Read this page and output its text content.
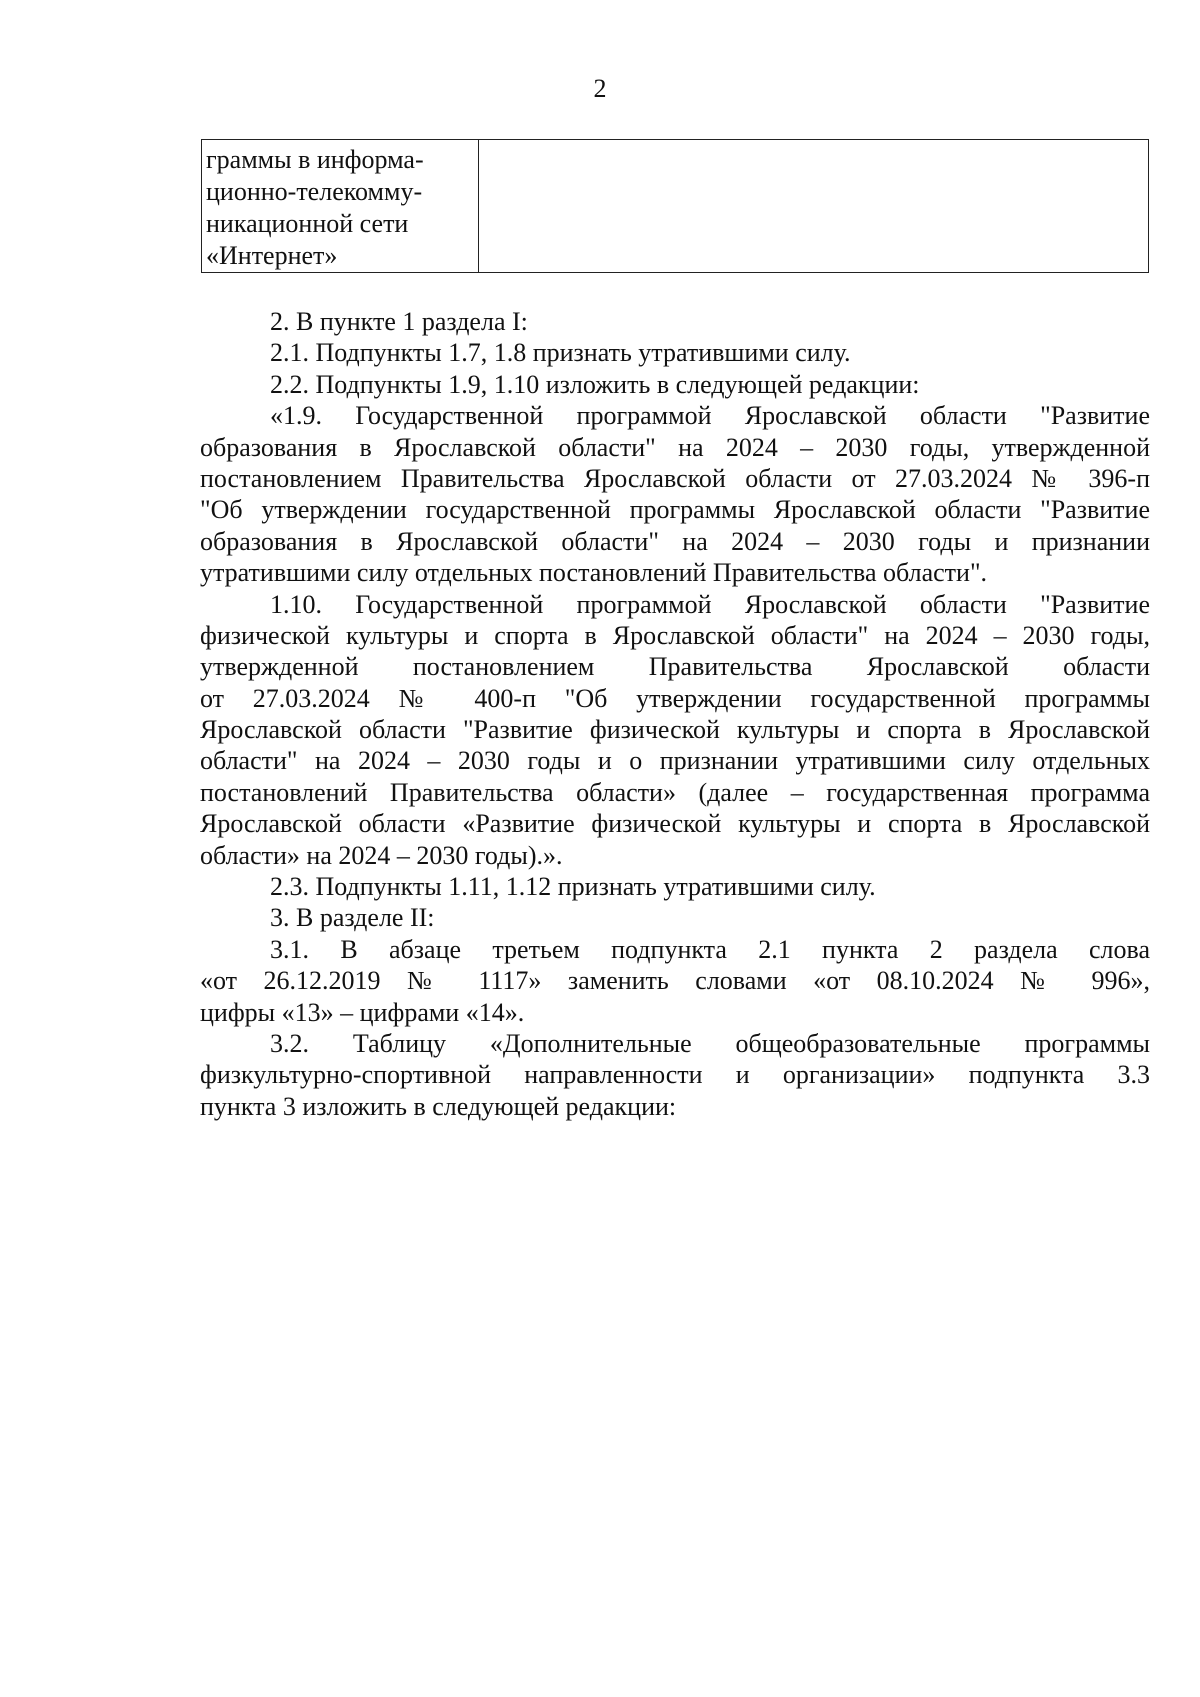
2
граммы в информа-
ционно-телекомму-
никационной сети
«Интернет»

2. В пункте 1 раздела I:
2.1. Подпункты 1.7, 1.8 признать утратившими силу.
2.2. Подпункты 1.9, 1.10 изложить в следующей редакции:
«1.9. Государственной программой Ярославской области "Развитие
образования в Ярославской области" на 2024 – 2030 годы, утвержденной
постановлением Правительства Ярославской области от 27.03.2024 № 396-п
"Об утверждении государственной программы Ярославской области "Развитие
образования в Ярославской области" на 2024 – 2030 годы и признании
утратившими силу отдельных постановлений Правительства области".
1.10. Государственной программой Ярославской области "Развитие
физической культуры и спорта в Ярославской области" на 2024 – 2030 годы,
утвержденной постановлением Правительства Ярославской области
от 27.03.2024 № 400-п "Об утверждении государственной программы
Ярославской области "Развитие физической культуры и спорта в Ярославской
области" на 2024 – 2030 годы и о признании утратившими силу отдельных
постановлений Правительства области» (далее – государственная программа
Ярославской области «Развитие физической культуры и спорта в Ярославской
области» на 2024 – 2030 годы).».
2.3. Подпункты 1.11, 1.12 признать утратившими силу.
3. В разделе II:
3.1. В абзаце третьем подпункта 2.1 пункта 2 раздела слова
«от 26.12.2019 № 1117» заменить словами «от 08.10.2024 № 996»,
цифры «13» – цифрами «14».
3.2. Таблицу «Дополнительные общеобразовательные программы
физкультурно-спортивной направленности и организации» подпункта 3.3
пункта 3 изложить в следующей редакции:
